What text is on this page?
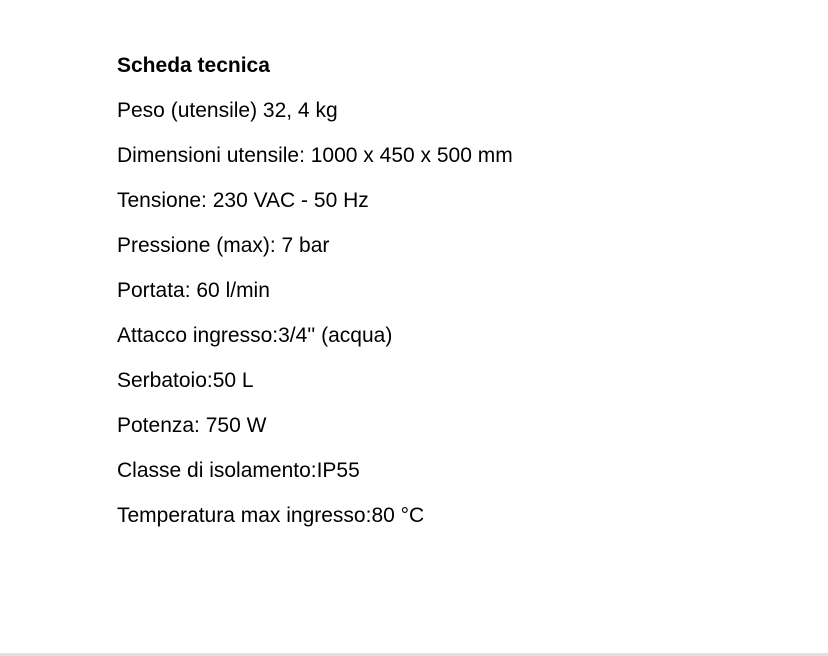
Scheda tecnica
Peso (utensile) 32, 4 kg
Dimensioni utensile: 1000 x 450 x 500 mm
Tensione: 230 VAC - 50 Hz
Pressione (max): 7 bar
Portata: 60 l/min
Attacco ingresso:3/4'' (acqua)
Serbatoio:50 L
Potenza: 750 W
Classe di isolamento:IP55
Temperatura max ingresso:80 °C
